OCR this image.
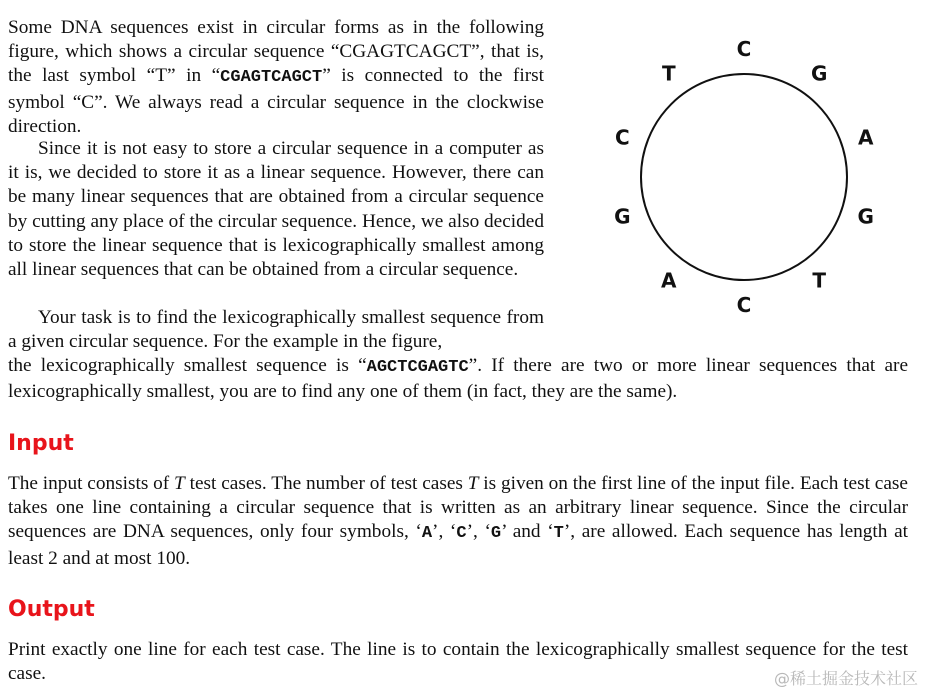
Some DNA sequences exist in circular forms as in the following figure, which shows a circular sequence “CGAGTCAGCT”, that is, the last symbol “T” in “CGAGTCAGCT” is connected to the first symbol “C”. We always read a circular sequence in the clockwise direction.

Since it is not easy to store a circular sequence in a computer as it is, we decided to store it as a linear sequence. However, there can be many linear sequences that are obtained from a circular sequence by cutting any place of the circular sequence. Hence, we also decided to store the linear sequence that is lexicographically smallest among all linear sequences that can be obtained from a circular sequence.

Your task is to find the lexicographically smallest sequence from a given circular sequence. For the example in the figure,

the lexicographically smallest sequence is “AGCTCGAGTC”. If there are two or more linear sequences that are lexicographically smallest, you are to find any one of them (in fact, they are the same).

Input

The input consists of T test cases. The number of test cases T is given on the first line of the input file. Each test case takes one line containing a circular sequence that is written as an arbitrary linear sequence. Since the circular sequences are DNA sequences, only four symbols, ‘A’, ‘C’, ‘G’ and ‘T’, are allowed. Each sequence has length at least 2 and at most 100.

Output

Print exactly one line for each test case. The line is to contain the lexicographically smallest sequence for the test case.

C
G
A
G
T
C
A
G
C
T
@稀土掘金技术社区
